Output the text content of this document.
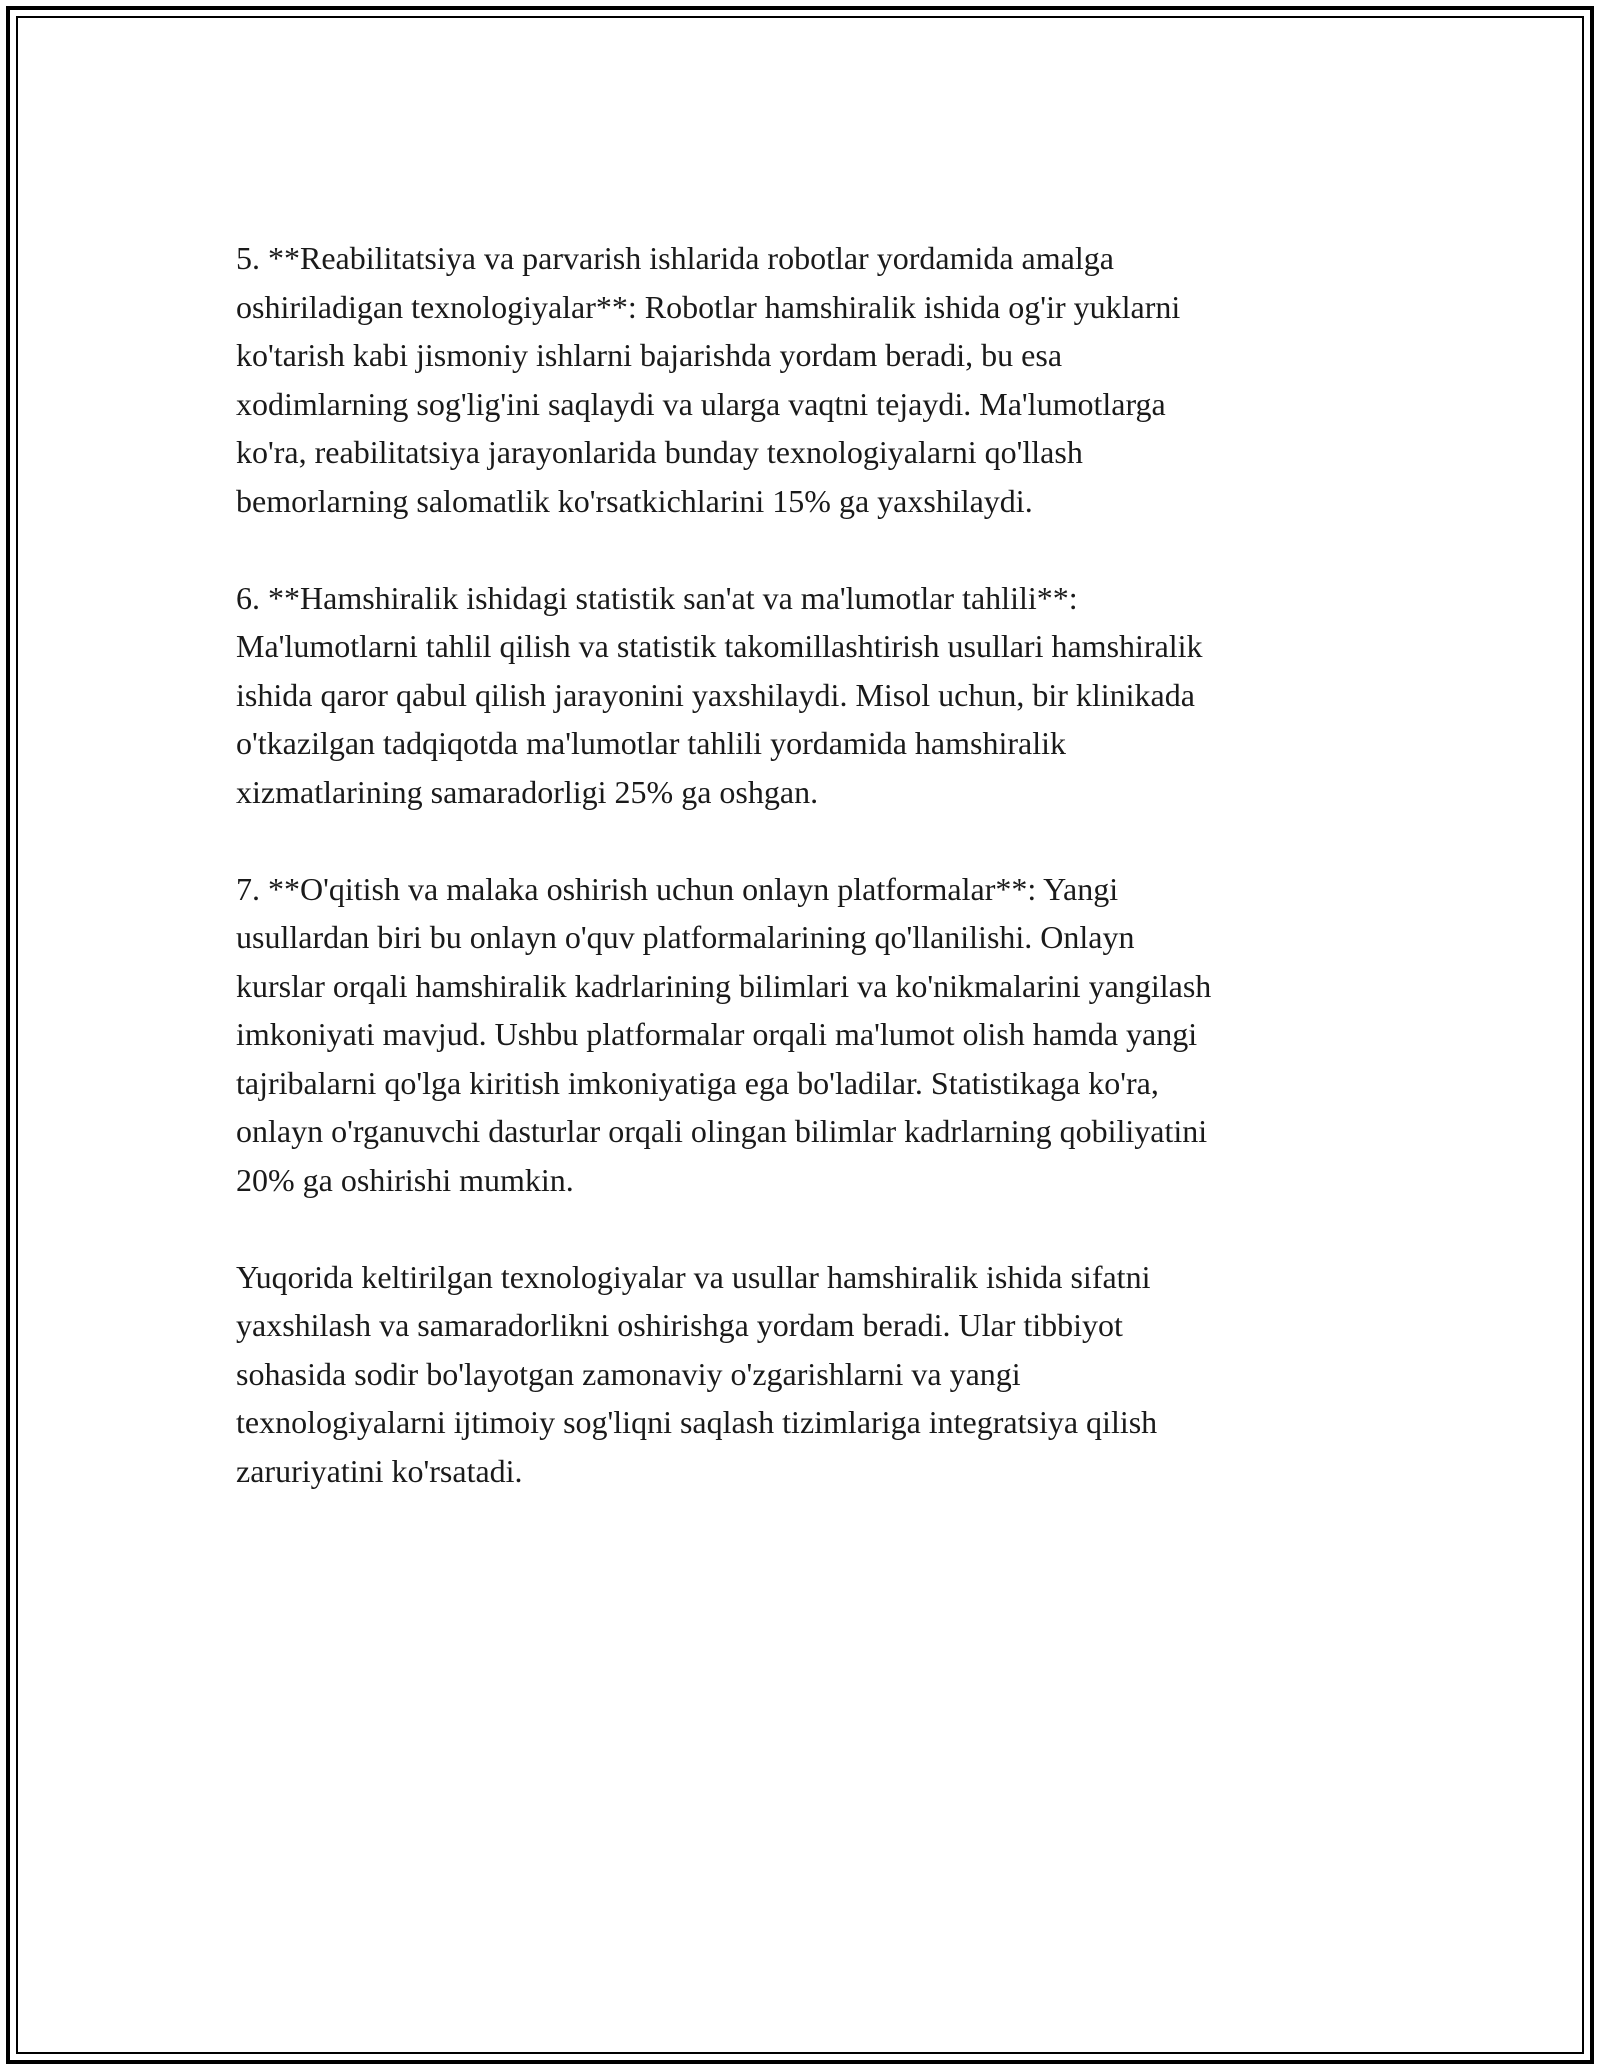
5. **Reabilitatsiya va parvarish ishlarida robotlar yordamida amalga
oshiriladigan texnologiyalar**: Robotlar hamshiralik ishida og'ir yuklarni
ko'tarish kabi jismoniy ishlarni bajarishda yordam beradi, bu esa
xodimlarning sog'lig'ini saqlaydi va ularga vaqtni tejaydi. Ma'lumotlarga
ko'ra, reabilitatsiya jarayonlarida bunday texnologiyalarni qo'llash
bemorlarning salomatlik ko'rsatkichlarini 15% ga yaxshilaydi.

6. **Hamshiralik ishidagi statistik san'at va ma'lumotlar tahlili**:
Ma'lumotlarni tahlil qilish va statistik takomillashtirish usullari hamshiralik
ishida qaror qabul qilish jarayonini yaxshilaydi. Misol uchun, bir klinikada
o'tkazilgan tadqiqotda ma'lumotlar tahlili yordamida hamshiralik
xizmatlarining samaradorligi 25% ga oshgan.

7. **O'qitish va malaka oshirish uchun onlayn platformalar**: Yangi
usullardan biri bu onlayn o'quv platformalarining qo'llanilishi. Onlayn
kurslar orqali hamshiralik kadrlarining bilimlari va ko'nikmalarini yangilash
imkoniyati mavjud. Ushbu platformalar orqali ma'lumot olish hamda yangi
tajribalarni qo'lga kiritish imkoniyatiga ega bo'ladilar. Statistikaga ko'ra,
onlayn o'rganuvchi dasturlar orqali olingan bilimlar kadrlarning qobiliyatini
20% ga oshirishi mumkin.

Yuqorida keltirilgan texnologiyalar va usullar hamshiralik ishida sifatni
yaxshilash va samaradorlikni oshirishga yordam beradi. Ular tibbiyot
sohasida sodir bo'layotgan zamonaviy o'zgarishlarni va yangi
texnologiyalarni ijtimoiy sog'liqni saqlash tizimlariga integratsiya qilish
zaruriyatini ko'rsatadi.
